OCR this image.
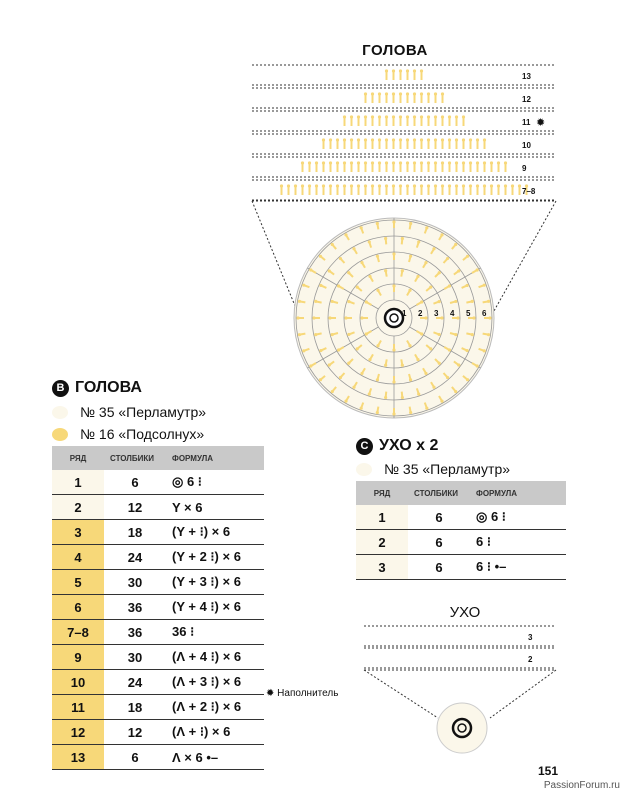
ГОЛОВА
13
12
11 ✹
10
9
7–8
1 2 3 4 5 6
3
2
УХО
B ГОЛОВА
№ 35 «Перламутр»
№ 16 «Подсолнух»
РЯД	СТОЛБИКИ	ФОРМУЛА
1	6	◎ 6 ⁝
2	12	Y × 6
3	18	(Y + ⁝) × 6
4	24	(Y + 2 ⁝) × 6
5	30	(Y + 3 ⁝) × 6
6	36	(Y + 4 ⁝) × 6
7–8	36	36 ⁝
9	30	(Λ + 4 ⁝) × 6
10	24	(Λ + 3 ⁝) × 6
11	18	(Λ + 2 ⁝) × 6
12	12	(Λ + ⁝) × 6
13	6	Λ × 6 •–
✹ Наполнитель
C УХО x 2
№ 35 «Перламутр»
РЯД	СТОЛБИКИ	ФОРМУЛА
1	6	◎ 6 ⁝
2	6	6 ⁝
3	6	6 ⁝ •–
151
PassionForum.ru
